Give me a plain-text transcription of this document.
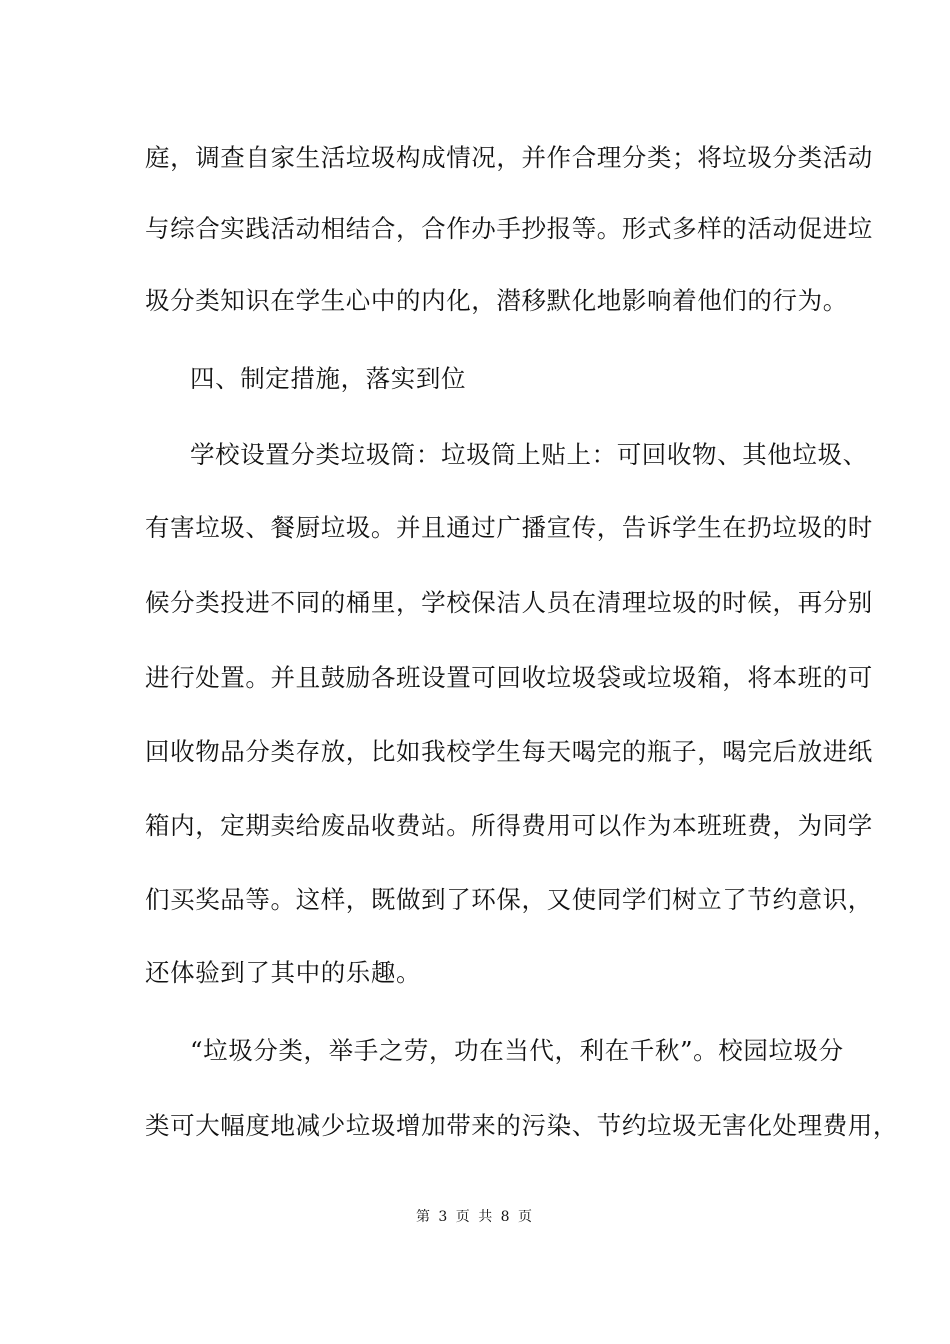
庭，调查自家生活垃圾构成情况，并作合理分类；将垃圾分类活动
与综合实践活动相结合，合作办手抄报等。形式多样的活动促进垃
圾分类知识在学生心中的内化，潜移默化地影响着他们的行为。
四、制定措施，落实到位
学校设置分类垃圾筒：垃圾筒上贴上：可回收物、其他垃圾、
有害垃圾、餐厨垃圾。并且通过广播宣传，告诉学生在扔垃圾的时
候分类投进不同的桶里，学校保洁人员在清理垃圾的时候，再分别
进行处置。并且鼓励各班设置可回收垃圾袋或垃圾箱，将本班的可
回收物品分类存放，比如我校学生每天喝完的瓶子，喝完后放进纸
箱内，定期卖给废品收费站。所得费用可以作为本班班费，为同学
们买奖品等。这样，既做到了环保，又使同学们树立了节约意识，
还体验到了其中的乐趣。
“垃圾分类，举手之劳，功在当代，利在千秋”。校园垃圾分
类可大幅度地减少垃圾增加带来的污染、节约垃圾无害化处理费用，
第 3 页 共 8 页
